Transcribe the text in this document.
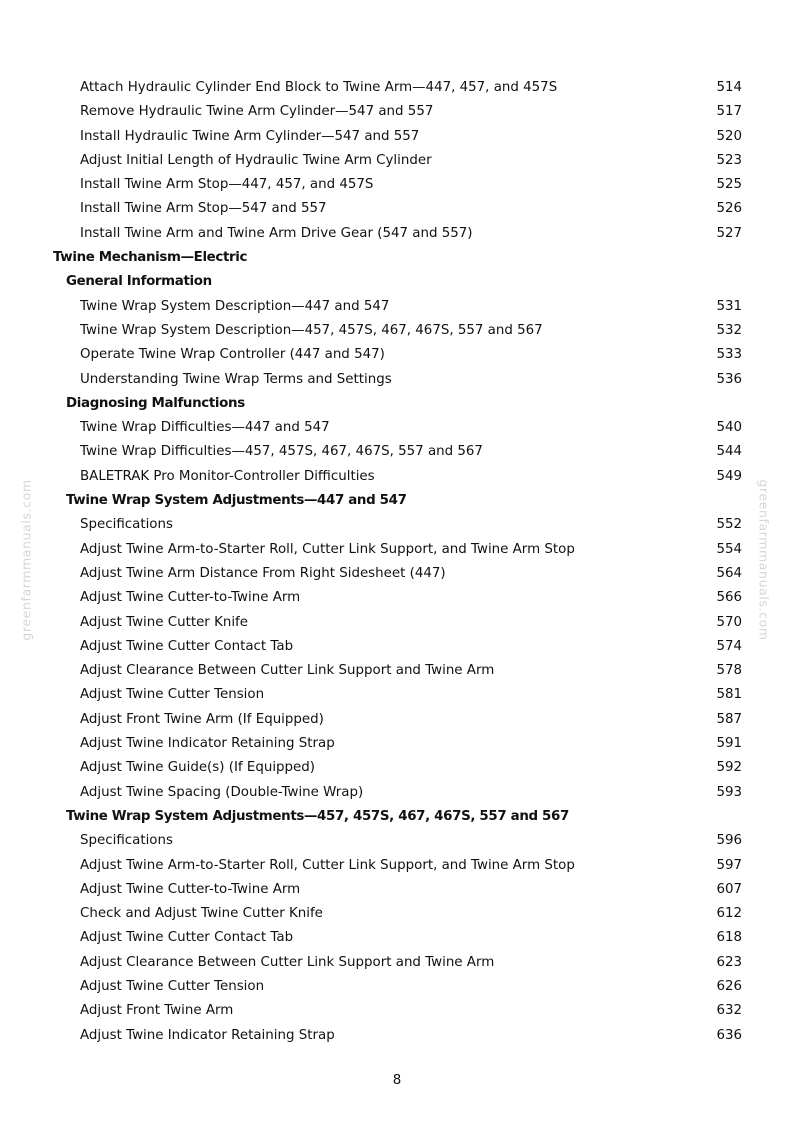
greenfarmmanuals.com	greenfarmmanuals.com
Attach Hydraulic Cylinder End Block to Twine Arm—447, 457, and 457S	514
Remove Hydraulic Twine Arm Cylinder—547 and 557	517
Install Hydraulic Twine Arm Cylinder—547 and 557	520
Adjust Initial Length of Hydraulic Twine Arm Cylinder	523
Install Twine Arm Stop—447, 457, and 457S	525
Install Twine Arm Stop—547 and 557	526
Install Twine Arm and Twine Arm Drive Gear (547 and 557)	527
Twine Mechanism—Electric
General Information
Twine Wrap System Description—447 and 547	531
Twine Wrap System Description—457, 457S, 467, 467S, 557 and 567	532
Operate Twine Wrap Controller (447 and 547)	533
Understanding Twine Wrap Terms and Settings	536
Diagnosing Malfunctions
Twine Wrap Difficulties—447 and 547	540
Twine Wrap Difficulties—457, 457S, 467, 467S, 557 and 567	544
BALETRAK Pro Monitor-Controller Difficulties	549
Twine Wrap System Adjustments—447 and 547
Specifications	552
Adjust Twine Arm-to-Starter Roll, Cutter Link Support, and Twine Arm Stop	554
Adjust Twine Arm Distance From Right Sidesheet (447)	564
Adjust Twine Cutter-to-Twine Arm	566
Adjust Twine Cutter Knife	570
Adjust Twine Cutter Contact Tab	574
Adjust Clearance Between Cutter Link Support and Twine Arm	578
Adjust Twine Cutter Tension	581
Adjust Front Twine Arm (If Equipped)	587
Adjust Twine Indicator Retaining Strap	591
Adjust Twine Guide(s) (If Equipped)	592
Adjust Twine Spacing (Double-Twine Wrap)	593
Twine Wrap System Adjustments—457, 457S, 467, 467S, 557 and 567
Specifications	596
Adjust Twine Arm-to-Starter Roll, Cutter Link Support, and Twine Arm Stop	597
Adjust Twine Cutter-to-Twine Arm	607
Check and Adjust Twine Cutter Knife	612
Adjust Twine Cutter Contact Tab	618
Adjust Clearance Between Cutter Link Support and Twine Arm	623
Adjust Twine Cutter Tension	626
Adjust Front Twine Arm	632
Adjust Twine Indicator Retaining Strap	636
8
